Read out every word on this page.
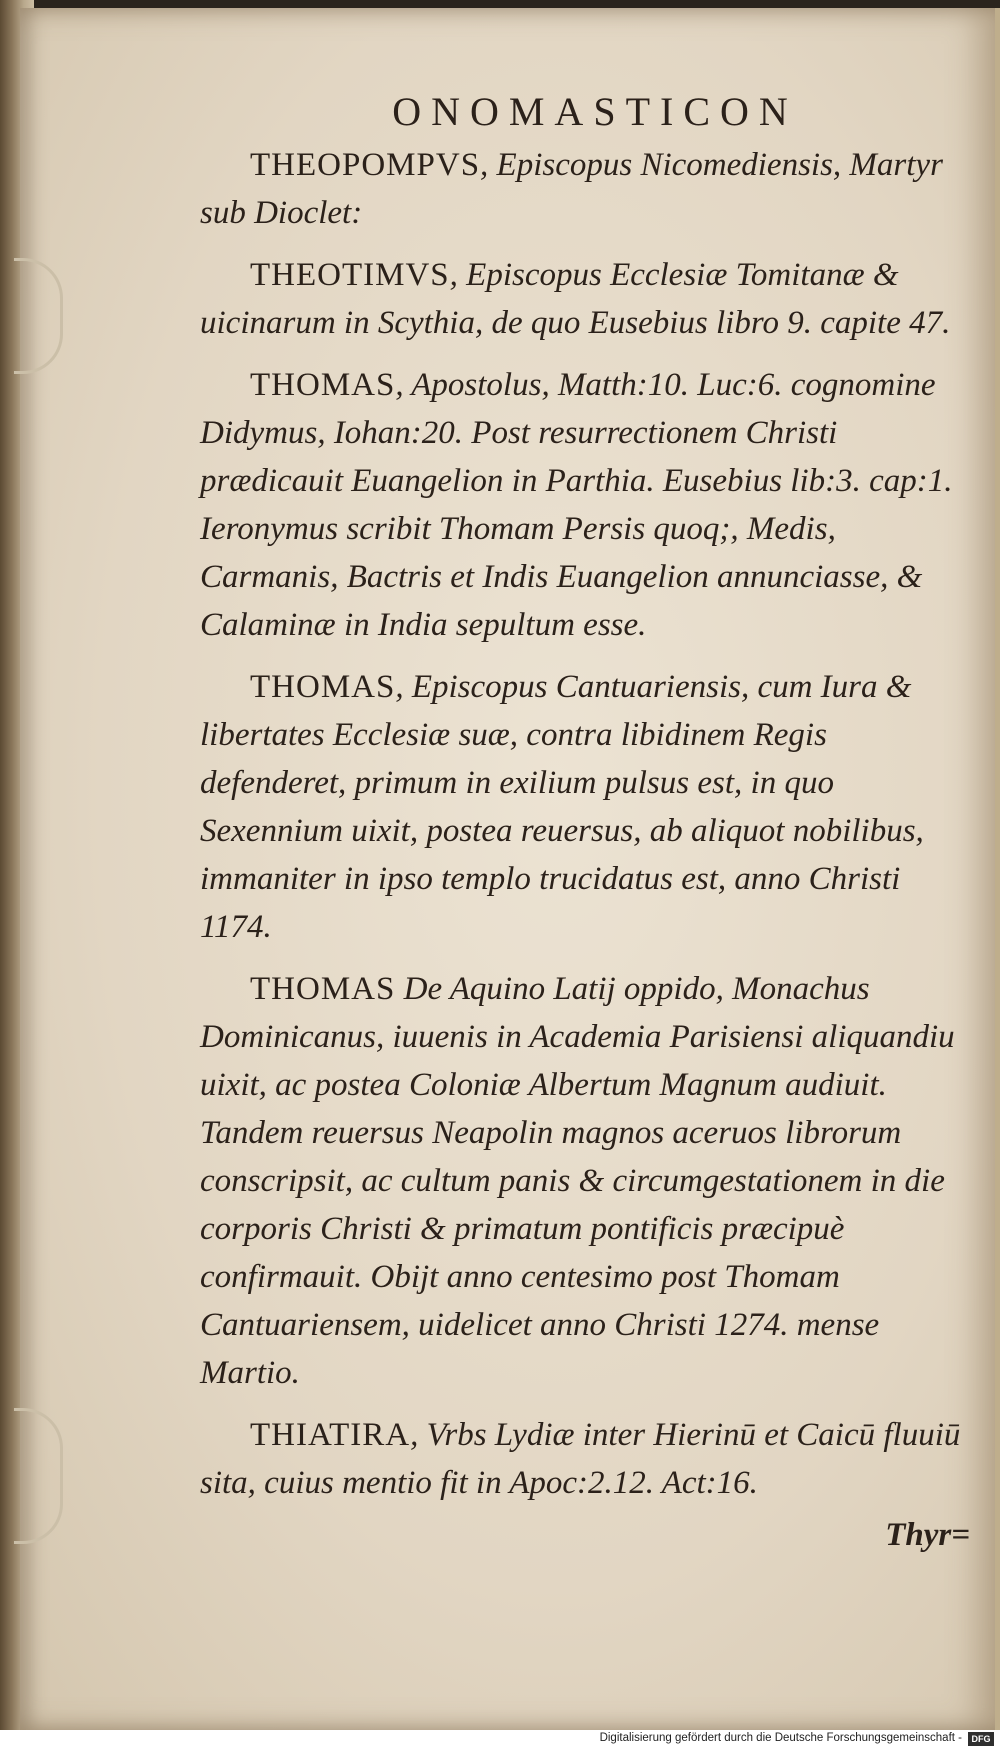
ONOMASTICON

THEOPOMPVS, Episcopus Nicomediensis, Martyr sub Dioclet:

THEOTIMVS, Episcopus Ecclesiæ Tomitanæ & uicinarum in Scythia, de quo Eusebius libro 9. capite 47.

THOMAS, Apostolus, Matth:10. Luc:6. cognomine Didymus, Iohan:20. Post resurrectionem Christi prædicauit Euangelion in Parthia. Eusebius lib:3. cap:1. Ieronymus scribit Thomam Persis quoq;, Medis, Carmanis, Bactris et Indis Euangelion annunciasse, & Calaminæ in India sepultum esse.

THOMAS, Episcopus Cantuariensis, cum Iura & libertates Ecclesiæ suæ, contra libidinem Regis defenderet, primum in exilium pulsus est, in quo Sexennium uixit, postea reuersus, ab aliquot nobilibus, immaniter in ipso templo trucidatus est, anno Christi 1174.

THOMAS De Aquino Latij oppido, Monachus Dominicanus, iuuenis in Academia Parisiensi aliquandiu uixit, ac postea Coloniæ Albertum Magnum audiuit. Tandem reuersus Neapolin magnos aceruos librorum conscripsit, ac cultum panis & circumgestationem in die corporis Christi & primatum pontificis præcipuè confirmauit. Obijt anno centesimo post Thomam Cantuariensem, uidelicet anno Christi 1274. mense Martio.

THIATIRA, Vrbs Lydiæ inter Hierinū et Caicū fluuiū sita, cuius mentio fit in Apoc:2.12. Act:16.

Thyr=
Digitalisierung gefördert durch die Deutsche Forschungsgemeinschaft -	DFG
